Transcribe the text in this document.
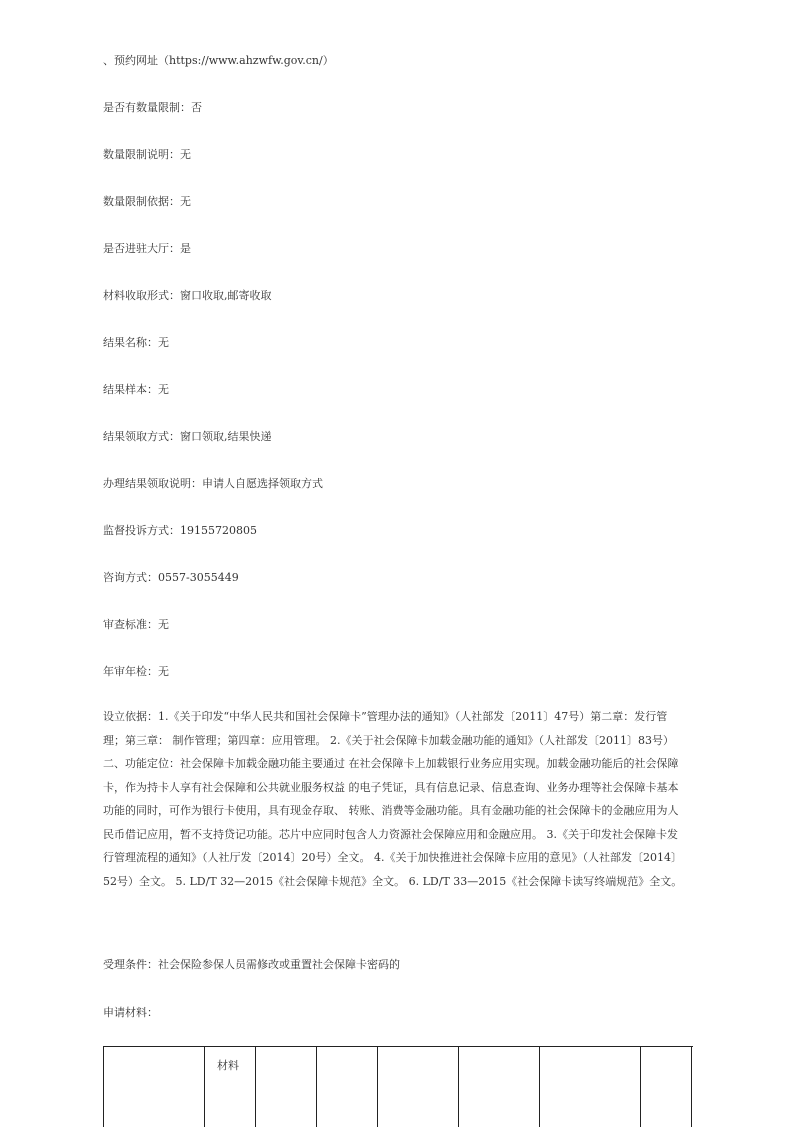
、预约网址（https://www.ahzwfw.gov.cn/）
是否有数量限制：否
数量限制说明：无
数量限制依据：无
是否进驻大厅：是
材料收取形式：窗口收取,邮寄收取
结果名称：无
结果样本：无
结果领取方式：窗口领取,结果快递
办理结果领取说明：申请人自愿选择领取方式
监督投诉方式：19155720805
咨询方式：0557-3055449
审查标准：无
年审年检：无

设立依据：1.《关于印发“中华人民共和国社会保障卡”管理办法的通知》（人社部发〔2011〕47号）第二章：发行管理；第三章： 制作管理；第四章：应用管理。 2.《关于社会保障卡加载金融功能的通知》（人社部发〔2011〕83号）二、功能定位：社会保障卡加载金融功能主要通过 在社会保障卡上加载银行业务应用实现。加载金融功能后的社会保障卡，作为持卡人享有社会保障和公共就业服务权益 的电子凭证，具有信息记录、信息查询、业务办理等社会保障卡基本功能的同时，可作为银行卡使用，具有现金存取、 转账、消费等金融功能。具有金融功能的社会保障卡的金融应用为人民币借记应用，暂不支持贷记功能。芯片中应同时包含人力资源社会保障应用和金融应用。 3.《关于印发社会保障卡发行管理流程的通知》（人社厅发〔2014〕20号）全文。 4.《关于加快推进社会保障卡应用的意见》（人社部发〔2014〕52号）全文。 5. LD/T 32—2015《社会保障卡规范》全文。 6. LD/T 33—2015《社会保障卡读写终端规范》全文。

受理条件：社会保险参保人员需修改或重置社会保障卡密码的
申请材料：
材料
